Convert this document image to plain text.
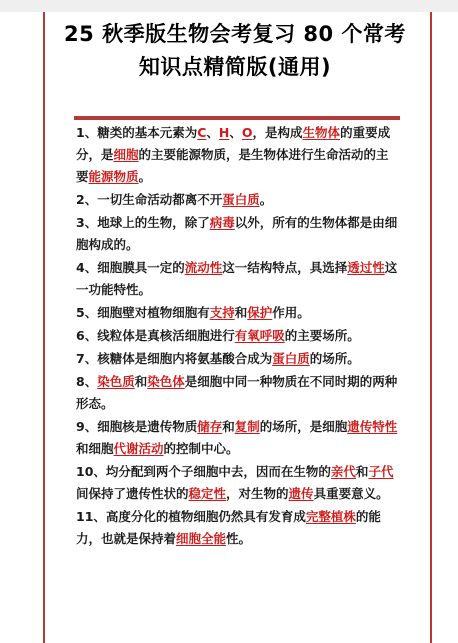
25 秋季版生物会考复习 80 个常考知识点精简版(通用)

1、糖类的基本元素为C、H、O，是构成生物体的重要成分，是细胞的主要能源物质，是生物体进行生命活动的主要能源物质。

2、一切生命活动都离不开蛋白质。

3、地球上的生物，除了病毒以外，所有的生物体都是由细胞构成的。

4、细胞膜具一定的流动性这一结构特点，具选择透过性这一功能特性。

5、细胞壁对植物细胞有支持和保护作用。

6、线粒体是真核活细胞进行有氧呼吸的主要场所。

7、核糖体是细胞内将氨基酸合成为蛋白质的场所。

8、染色质和染色体是细胞中同一种物质在不同时期的两种形态。

9、细胞核是遗传物质储存和复制的场所，是细胞遗传特性和细胞代谢活动的控制中心。

10、均分配到两个子细胞中去，因而在生物的亲代和子代间保持了遗传性状的稳定性，对生物的遗传具重要意义。

11、高度分化的植物细胞仍然具有发育成完整植株的能力，也就是保持着细胞全能性。
